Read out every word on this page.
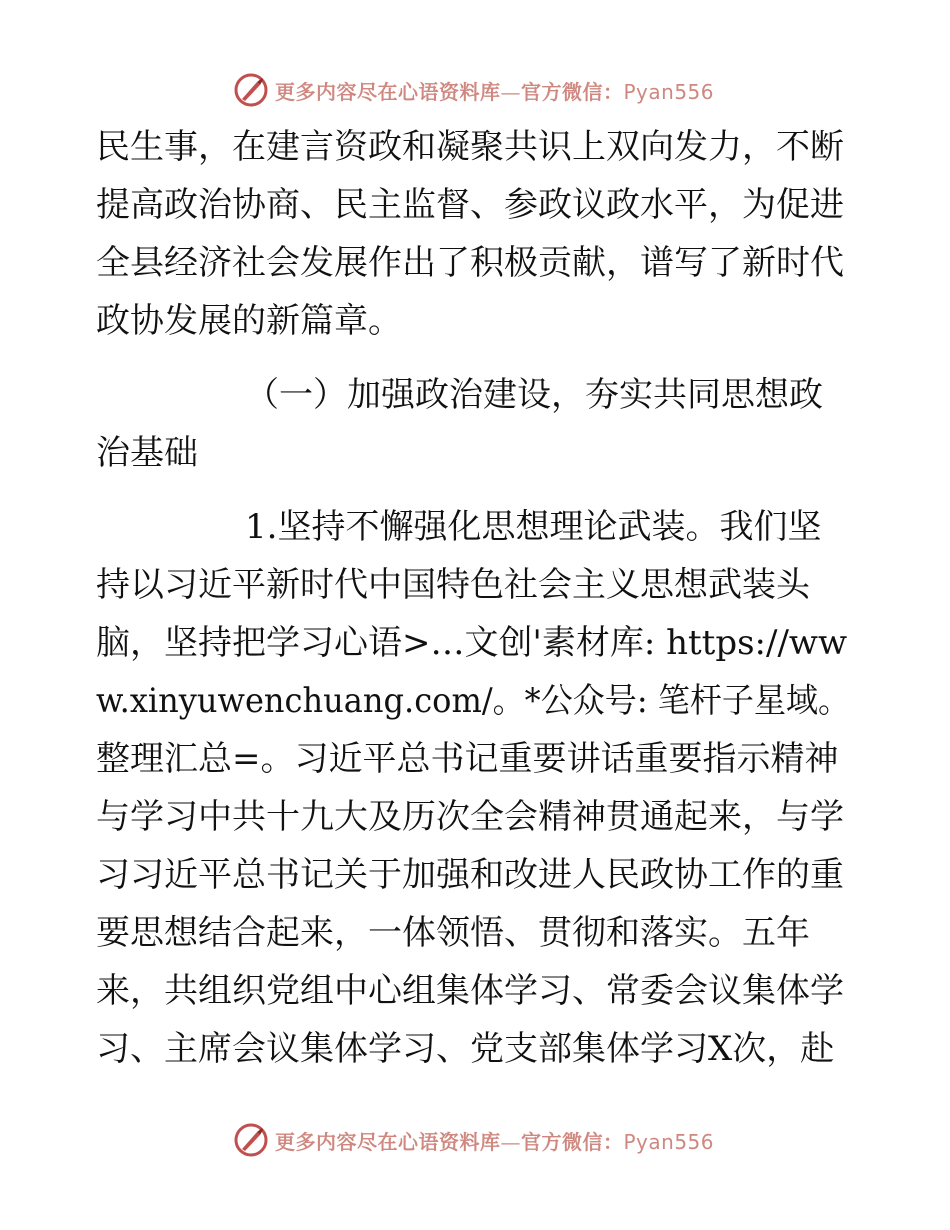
更多内容尽在心语资料库—官方微信：Pyan556
民生事，在建言资政和凝聚共识上双向发力，不断
提高政治协商、民主监督、参政议政水平，为促进
全县经济社会发展作出了积极贡献，谱写了新时代
政协发展的新篇章。
（一）加强政治建设，夯实共同思想政
治基础
1.坚持不懈强化思想理论武装。我们坚
持以习近平新时代中国特色社会主义思想武装头
脑，坚持把学习心语>…文创'素材库: https://ww
w.xinyuwenchuang.com/。*公众号: 笔杆子星域。
整理汇总=。习近平总书记重要讲话重要指示精神
与学习中共十九大及历次全会精神贯通起来，与学
习习近平总书记关于加强和改进人民政协工作的重
要思想结合起来，一体领悟、贯彻和落实。五年
来，共组织党组中心组集体学习、常委会议集体学
习、主席会议集体学习、党支部集体学习X次，赴
更多内容尽在心语资料库—官方微信：Pyan556
